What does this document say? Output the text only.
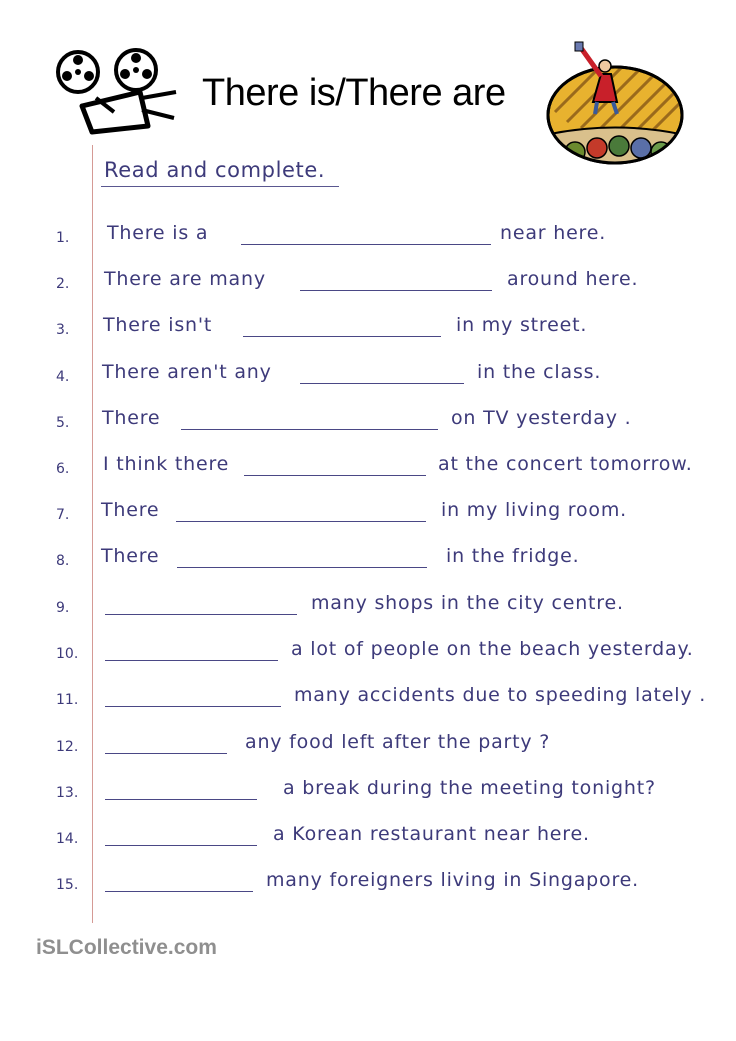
There is/There are
Read and complete.
1.	There is a	near here.
2.	There are many	around here.
3.	There isn't	in my street.
4.	There aren't any	in the class.
5.	There	on TV yesterday .
6.	I think there	at the concert tomorrow.
7.	There	in my living room.
8.	There	in the fridge.
9.	many shops in the city centre.
10.	a lot of people on the beach yesterday.
11.	many accidents due to speeding lately .
12.	any food left after the party ?
13.	a break during the meeting tonight?
14.	a Korean restaurant near here.
15.	many foreigners living in Singapore.
iSLCollective.com
